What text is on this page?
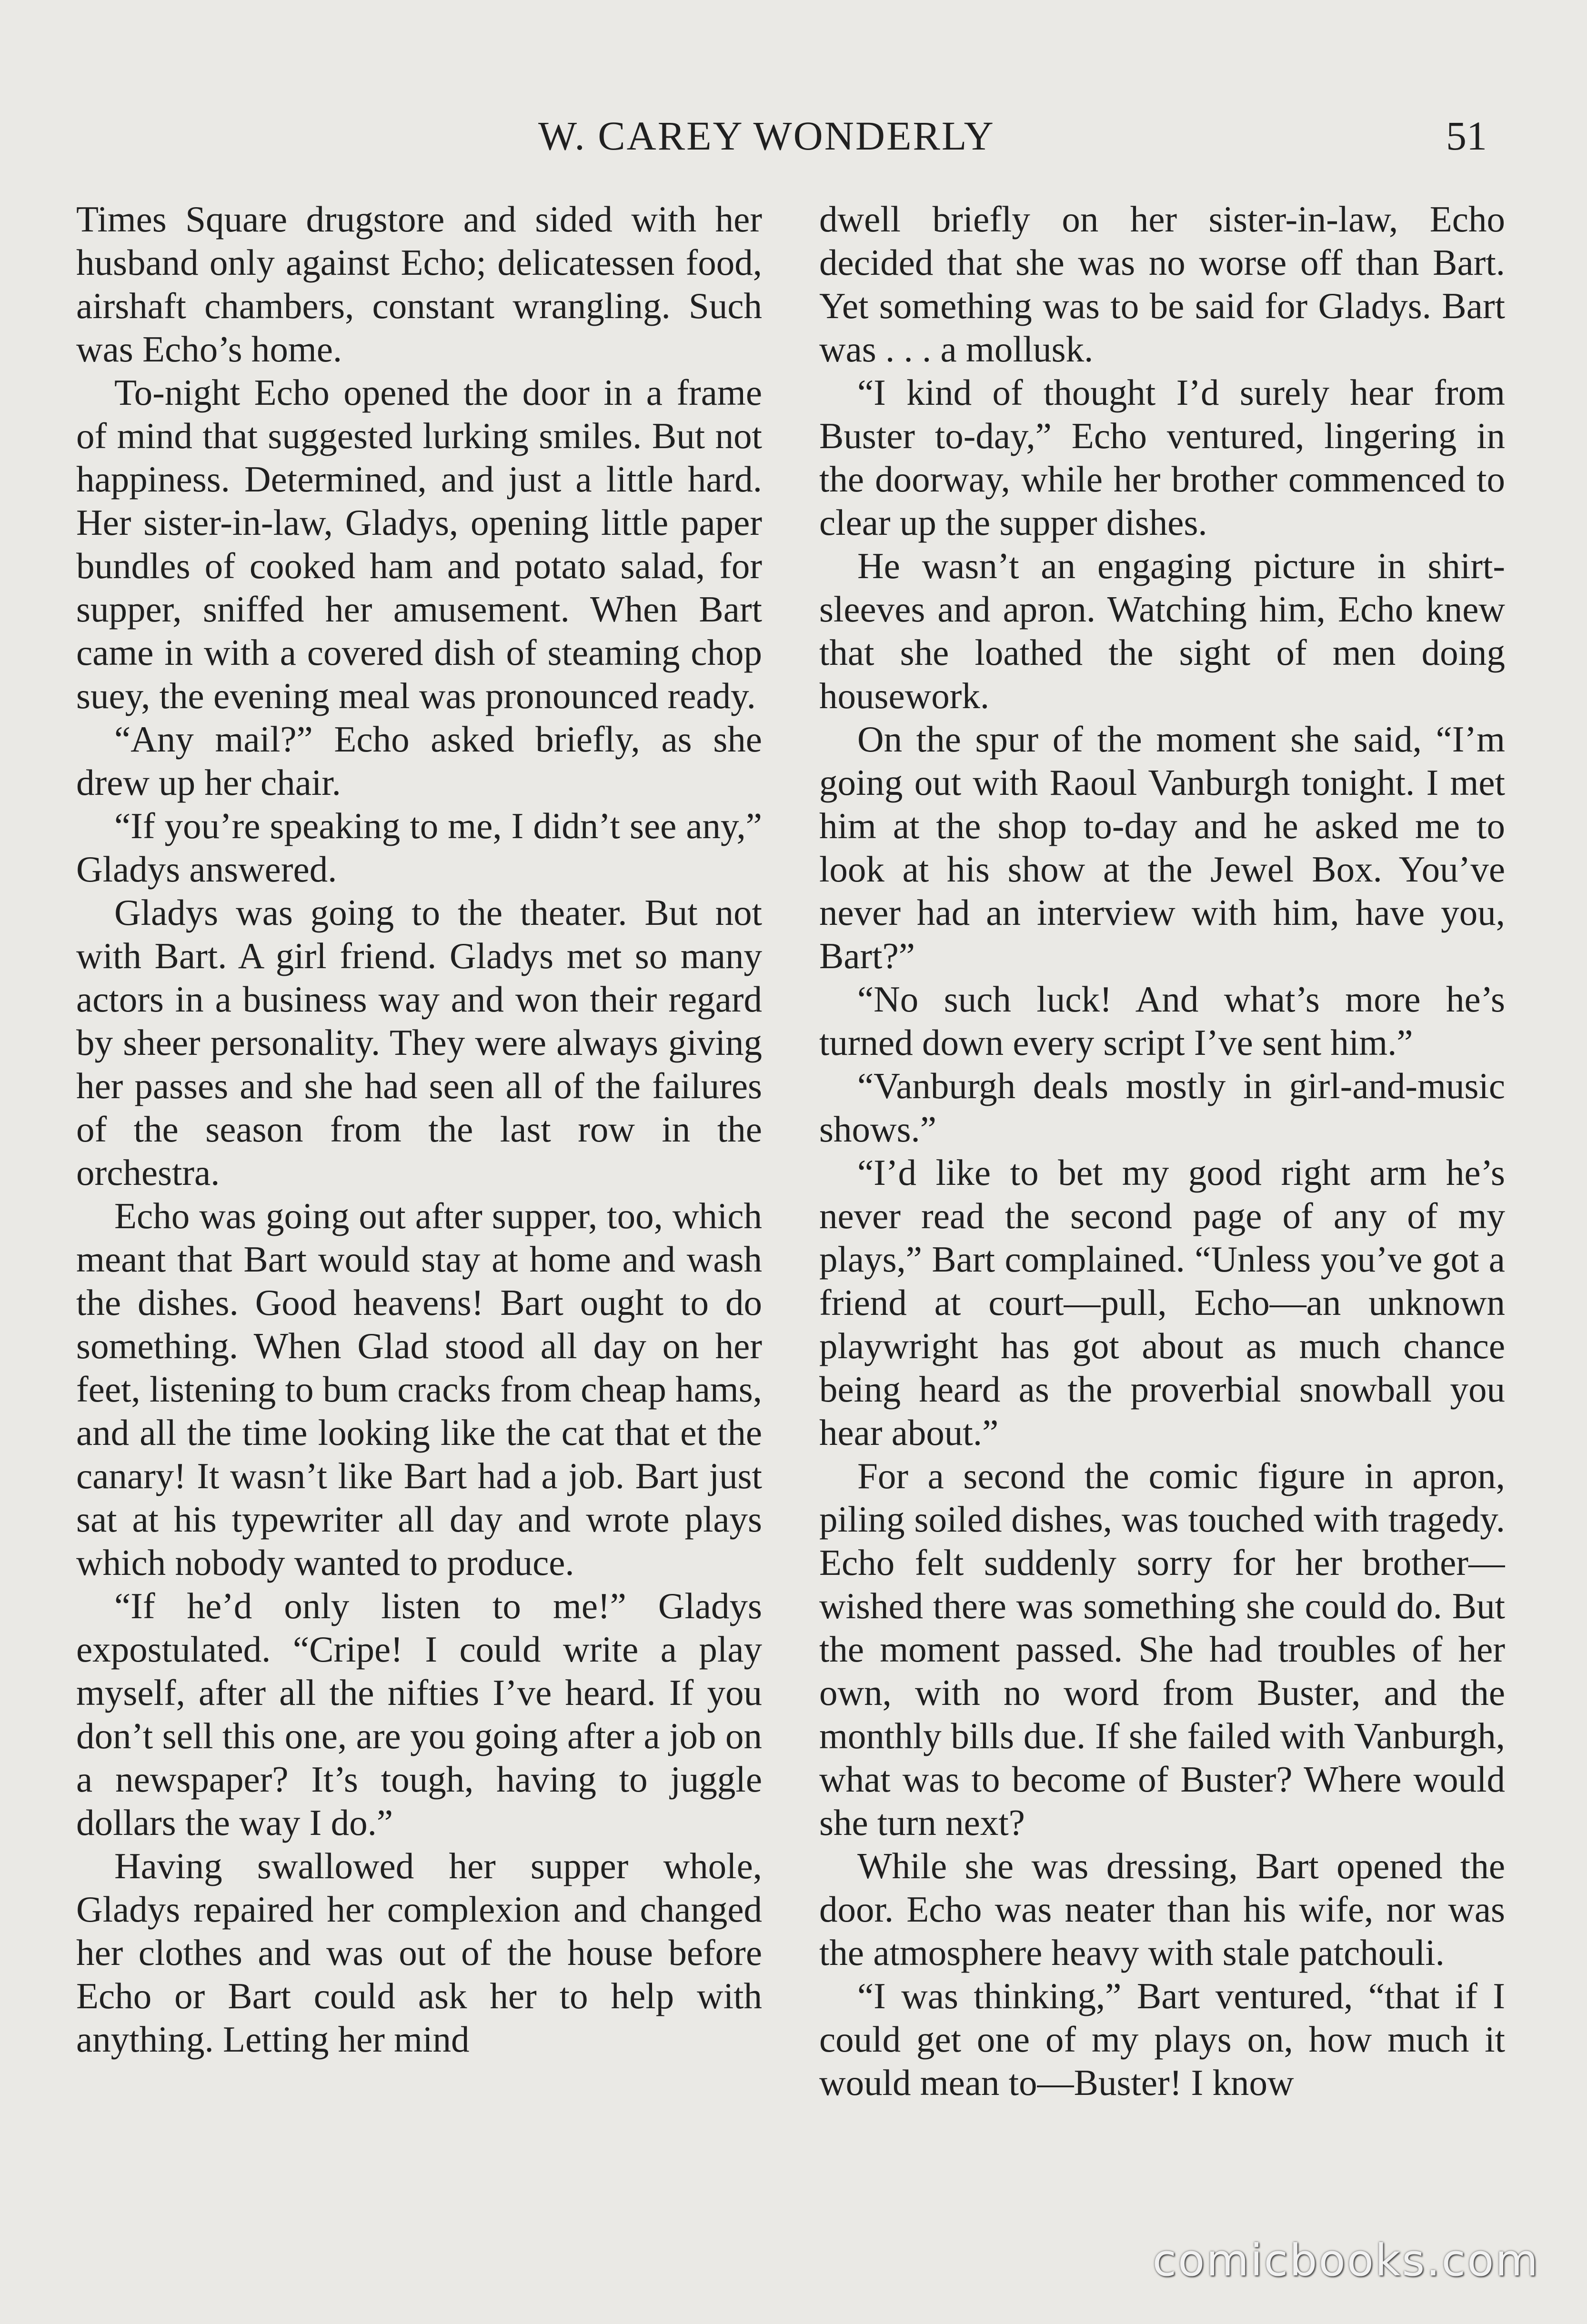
W. CAREY WONDERLY	51

Times Square drugstore and sided with her husband only against Echo; delicatessen food, airshaft chambers, constant wrangling. Such was Echo’s home.

To-night Echo opened the door in a frame of mind that suggested lurking smiles. But not happiness. Determined, and just a little hard. Her sister-in-law, Gladys, opening little paper bundles of cooked ham and potato salad, for supper, sniffed her amusement. When Bart came in with a covered dish of steaming chop suey, the evening meal was pronounced ready.

“Any mail?” Echo asked briefly, as she drew up her chair.

“If you’re speaking to me, I didn’t see any,” Gladys answered.

Gladys was going to the theater. But not with Bart. A girl friend. Gladys met so many actors in a business way and won their regard by sheer personality. They were always giving her passes and she had seen all of the failures of the season from the last row in the orchestra.

Echo was going out after supper, too, which meant that Bart would stay at home and wash the dishes. Good heavens! Bart ought to do something. When Glad stood all day on her feet, listening to bum cracks from cheap hams, and all the time looking like the cat that et the canary! It wasn’t like Bart had a job. Bart just sat at his typewriter all day and wrote plays which nobody wanted to produce.

“If he’d only listen to me!” Gladys expostulated. “Cripe! I could write a play myself, after all the nifties I’ve heard. If you don’t sell this one, are you going after a job on a newspaper? It’s tough, having to juggle dollars the way I do.”

Having swallowed her supper whole, Gladys repaired her complexion and changed her clothes and was out of the house before Echo or Bart could ask her to help with anything. Letting her mind

dwell briefly on her sister-in-law, Echo decided that she was no worse off than Bart. Yet something was to be said for Gladys. Bart was . . . a mollusk.

“I kind of thought I’d surely hear from Buster to-day,” Echo ventured, lingering in the doorway, while her brother commenced to clear up the supper dishes.

He wasn’t an engaging picture in shirt-sleeves and apron. Watching him, Echo knew that she loathed the sight of men doing housework.

On the spur of the moment she said, “I’m going out with Raoul Vanburgh tonight. I met him at the shop to-day and he asked me to look at his show at the Jewel Box. You’ve never had an interview with him, have you, Bart?”

“No such luck! And what’s more he’s turned down every script I’ve sent him.”

“Vanburgh deals mostly in girl-and-music shows.”

“I’d like to bet my good right arm he’s never read the second page of any of my plays,” Bart complained. “Unless you’ve got a friend at court—pull, Echo—an unknown playwright has got about as much chance being heard as the proverbial snowball you hear about.”

For a second the comic figure in apron, piling soiled dishes, was touched with tragedy. Echo felt suddenly sorry for her brother—wished there was something she could do. But the moment passed. She had troubles of her own, with no word from Buster, and the monthly bills due. If she failed with Vanburgh, what was to become of Buster? Where would she turn next?

While she was dressing, Bart opened the door. Echo was neater than his wife, nor was the atmosphere heavy with stale patchouli.

“I was thinking,” Bart ventured, “that if I could get one of my plays on, how much it would mean to—Buster! I know

comicbooks.com
